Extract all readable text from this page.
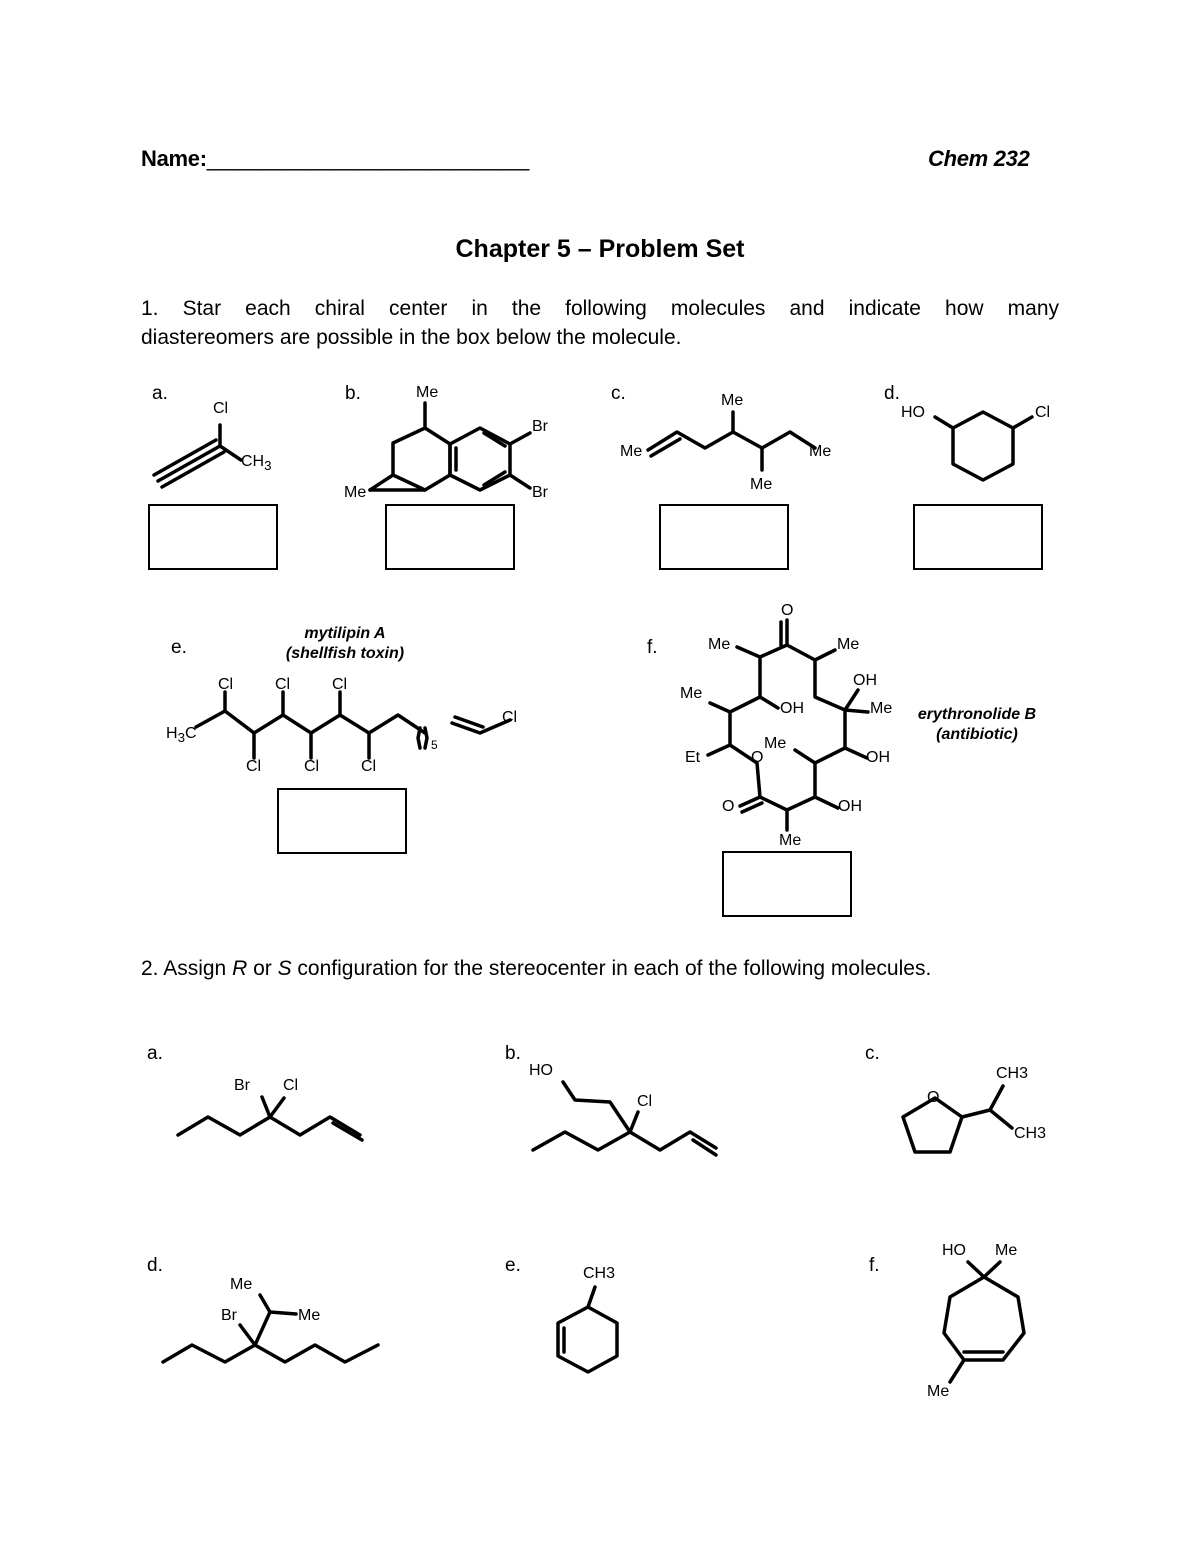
Name:___________________________	Chem 232
Chapter 5 – Problem Set
1. Star each chiral center in the following molecules and indicate how many
diastereomers are possible in the box below the molecule.
a.
Cl
$CH_3$
b.	Me
Br
Br
Me
c.	Me
Me	Me
Me
d.
HO	Cl
e.
mytilipin A
(shellfish toxin)
Cl	Cl	Cl
$H_3C$
Cl
Cl	Cl	Cl
5
f.
O
Me	Me
OH
Me
OH	Me
Me
Et	O	OH
O	OH
Me
erythronolide B
(antibiotic)
2. Assign R or S configuration for the stereocenter in each of the following molecules.
a.
Br Cl
b.
HO
Cl
c.
O
CH3
CH3
d.
Me
Br	Me
e.	CH3	f.
HO Me
Me
